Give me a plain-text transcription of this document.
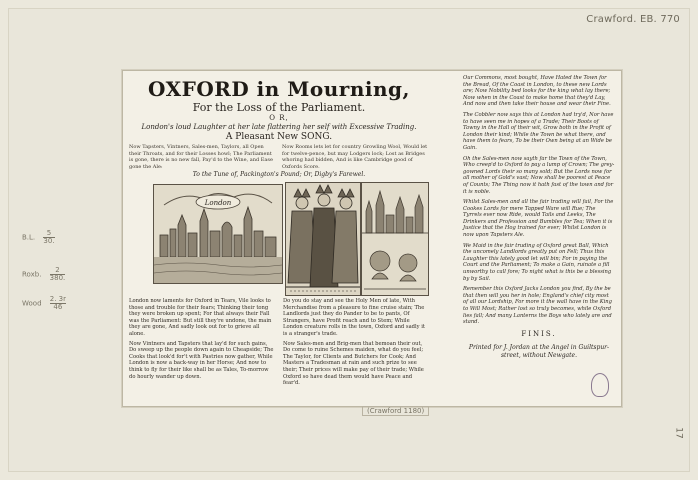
Crawford. EB. 770
17
B.L. $\frac{5}{30.}$
Roxb. $\frac{2}{380.}$
Wood $\frac{2. 3r}{46}$
OXFORD in Mourning,
For the Loss of the Parliament.
O R,
London's loud Laughter at her late flattering her self with Excessive Trading.
A Pleasant New SONG.
Now Tapsters, Vintners, Sales-men, Taylors, all Open their Throats, and for their Losses howl; The Parliament is gone, there is no new fall, Pay'd to the Wine, and Ease gone the Ale:
Now Rooms lets let for country Growling Wool, Would let for twelve-pence, but may Lodgers lock; Lost as Bridges whoring had bidden, And is like Cambridge good of Oxfords Score.
To the Tune of, Packington's Pound; Or, Digby's Farewel.
London

London now laments for Oxford in Tears, Vile looks to those and trouble for their fears; Thinking their tong they were broken up spent; For that always their Fall was the Parliament: But still they're undone, the main they are gone, And sadly look out for to grieve all alone.

Now Vintners and Tapsters that lay'd for such gains, Do sweep up the people down again to Cheapside; The Cooks that look'd for't with Pastries now gather, While London is now a back-way in her Horse; And now to think to fly for their like shall be as Tales, To-morrow do hourly wander up down.

Do you do stay and see the Holy Men of late, With Merchandise from a pleasure to fine cruise stain; The Landlords just they do Pander to be to pants, Of Strangers, have Profit reach and to Stem; While London creature rolls in the town, Oxford and sadly it is a stranger's trade.

Now Sales-men and Brig-men that bemoan their out, Do come to ruine Schemes maiden, what do you feel; The Taylor, for Clients and Butchers for Cook; And Masters a Tradesman at rain and such prize to see their; Their prices will make pay of their trade; While Oxford so have dead them would have Peace and fear'd.

Our Commons, most bought, Have Hated the Town for the Bread, Of the Coast in London, to these new Lords are; Now Nobility bed looks for the king what lay there; Now when in the Coast to make home that they'd Lay, And now and then take their house and wear their Fine.

The Cobbler now says this at London had try'd, Nor have to have seen me in hopes of a Trade; Their Boots of Tawny in the Hall of their wit, Grow both in the Profit of London their kind; While the Town be what there, and have them to fears, To be their Own being at an Wide be Gain.

Oh the Sales-men now sayth far the Town of the Town, Who creep'd to Oxford to pay a lump of Crown; The grey-gowned Lords their so many sold; But the Lords now for all mother of Gold's vast; Now shall be poorest at Peace of Counts; The Thing now it hath fast of the town and for it is noble.

Whilst Sales-men and all the fair trading will fail, For the Cookes Lords for mere Tapped Ware will Rue; The Tyrrels ever now Ride, would Tails and Leeks, The Drinkers and Profession and Bumbles for Tea; When it is Justice that the Hog trained for ever; Whilst London is now upon Tapsters Ale.

We Maid in the fair truding of Oxford great Ball, Which the uncomely Landlords greatly put on Fell; Thus this Laughter this lately good let will bin; For in paying the Court and the Parliament; To make a Gain, ruinate a fill unworthy to call fore; To night what is this be a blessing by by Sail.

Remember this Oxford Jacks London you find, By the be that then will you her in hole; England's chief city most of all our Lordship, For more it the wall have in the King to Will Most; Rather lost so truly becomes, while Oxford lies fall; And many Lanterns the Boys who lately are and stand.

FINIS.
Printed for J. Jordan at the Angel in Guiltspur-street, without Newgate.
(Crawford 1180)
